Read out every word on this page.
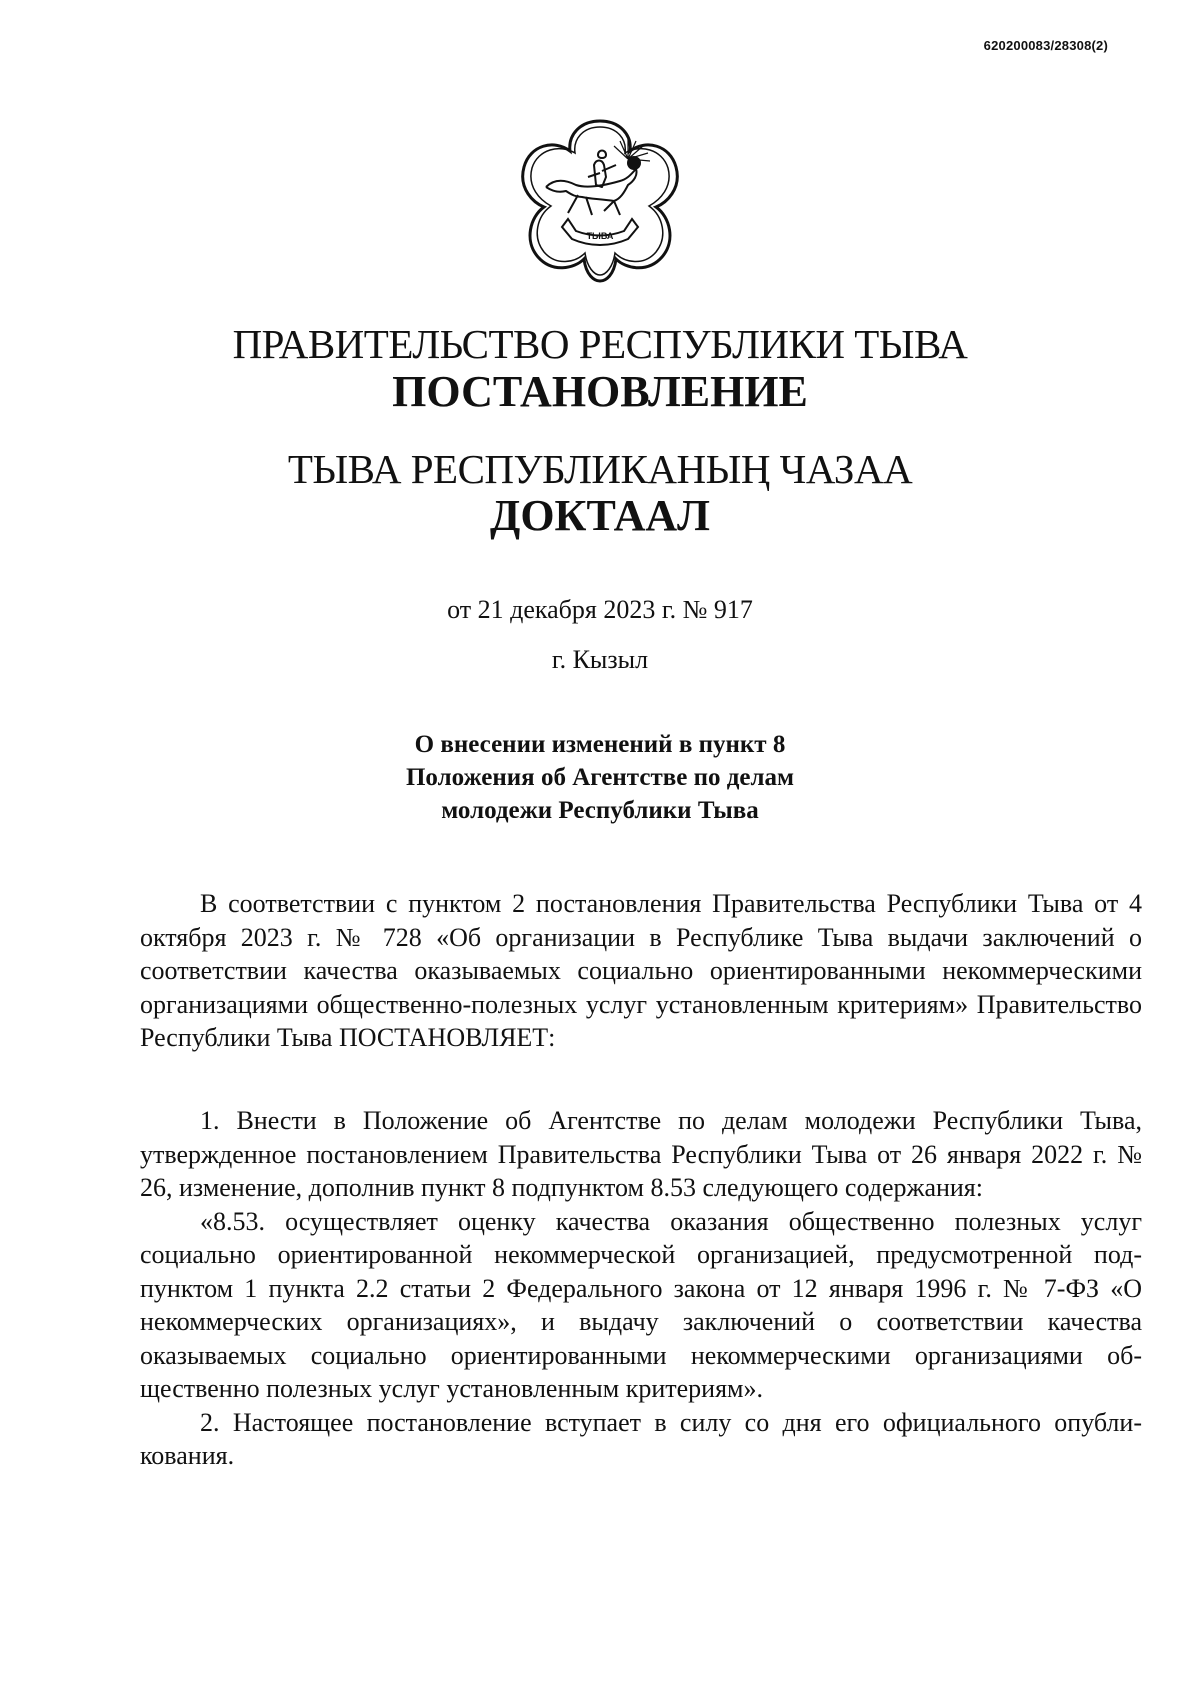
620200083/28308(2)
ТЫВА
ПРАВИТЕЛЬСТВО РЕСПУБЛИКИ ТЫВА
ПОСТАНОВЛЕНИЕ
ТЫВА РЕСПУБЛИКАНЫҢ ЧАЗАА
ДОКТААЛ
от 21 декабря 2023 г. № 917
г. Кызыл
О внесении изменений в пункт 8
Положения об Агентстве по делам
молодежи Республики Тыва

В соответствии с пунктом 2 постановления Правительства Республики Тыва от 4 октября 2023 г. № 728 «Об организации в Республике Тыва выдачи заключений о соответствии качества оказываемых социально ориентированными некоммерческими организациями общественно-полезных услуг установленным критериям» Правительство Республики Тыва ПОСТАНОВЛЯЕТ:

1. Внести в Положение об Агентстве по делам молодежи Республики Тыва, утвержденное постановлением Правительства Республики Тыва от 26 января 2022 г. № 26, изменение, дополнив пункт 8 подпунктом 8.53 следующего содержания:

«8.53. осуществляет оценку качества оказания общественно полезных услуг социально ориентированной некоммерческой организацией, предусмотренной подпунктом 1 пункта 2.2 статьи 2 Федерального закона от 12 января 1996 г. № 7-ФЗ «О некоммерческих организациях», и выдачу заключений о соответствии качества оказываемых социально ориентированными некоммерческими организациями общественно полезных услуг установленным критериям».

2. Настоящее постановление вступает в силу со дня его официального опубликования.
